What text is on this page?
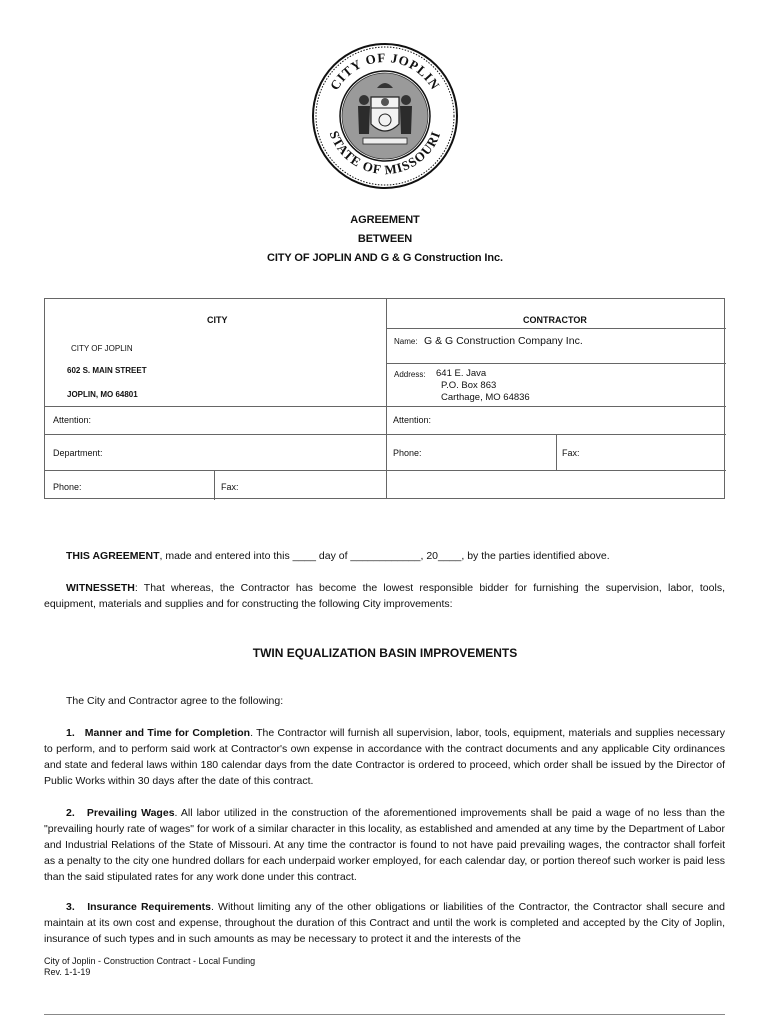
CITY OF JOPLIN
STATE OF MISSOURI
AGREEMENT
BETWEEN
CITY OF JOPLIN AND G & G Construction Inc.
CITY	CONTRACTOR
CITY OF JOPLIN
602 S. MAIN STREET
JOPLIN, MO 64801
Name: G & G Construction Company Inc.
Address: 641 E. Java
P.O. Box 863
Carthage, MO 64836
Attention:	Attention:
Department:	Phone:	Fax:
Phone:	Fax:
THIS AGREEMENT, made and entered into this ____ day of ____________, 20____, by the parties identified above.
WITNESSETH: That whereas, the Contractor has become the lowest responsible bidder for furnishing the supervision, labor, tools, equipment, materials and supplies and for constructing the following City improvements:
TWIN EQUALIZATION BASIN IMPROVEMENTS
The City and Contractor agree to the following:
1. Manner and Time for Completion. The Contractor will furnish all supervision, labor, tools, equipment, materials and supplies necessary to perform, and to perform said work at Contractor's own expense in accordance with the contract documents and any applicable City ordinances and state and federal laws within 180 calendar days from the date Contractor is ordered to proceed, which order shall be issued by the Director of Public Works within 30 days after the date of this contract.
2. Prevailing Wages. All labor utilized in the construction of the aforementioned improvements shall be paid a wage of no less than the "prevailing hourly rate of wages" for work of a similar character in this locality, as established and amended at any time by the Department of Labor and Industrial Relations of the State of Missouri. At any time the contractor is found to not have paid prevailing wages, the contractor shall forfeit as a penalty to the city one hundred dollars for each underpaid worker employed, for each calendar day, or portion thereof such worker is paid less than the said stipulated rates for any work done under this contract.
3. Insurance Requirements. Without limiting any of the other obligations or liabilities of the Contractor, the Contractor shall secure and maintain at its own cost and expense, throughout the duration of this Contract and until the work is completed and accepted by the City of Joplin, insurance of such types and in such amounts as may be necessary to protect it and the interests of the
City of Joplin - Construction Contract - Local Funding
Rev. 1-1-19
